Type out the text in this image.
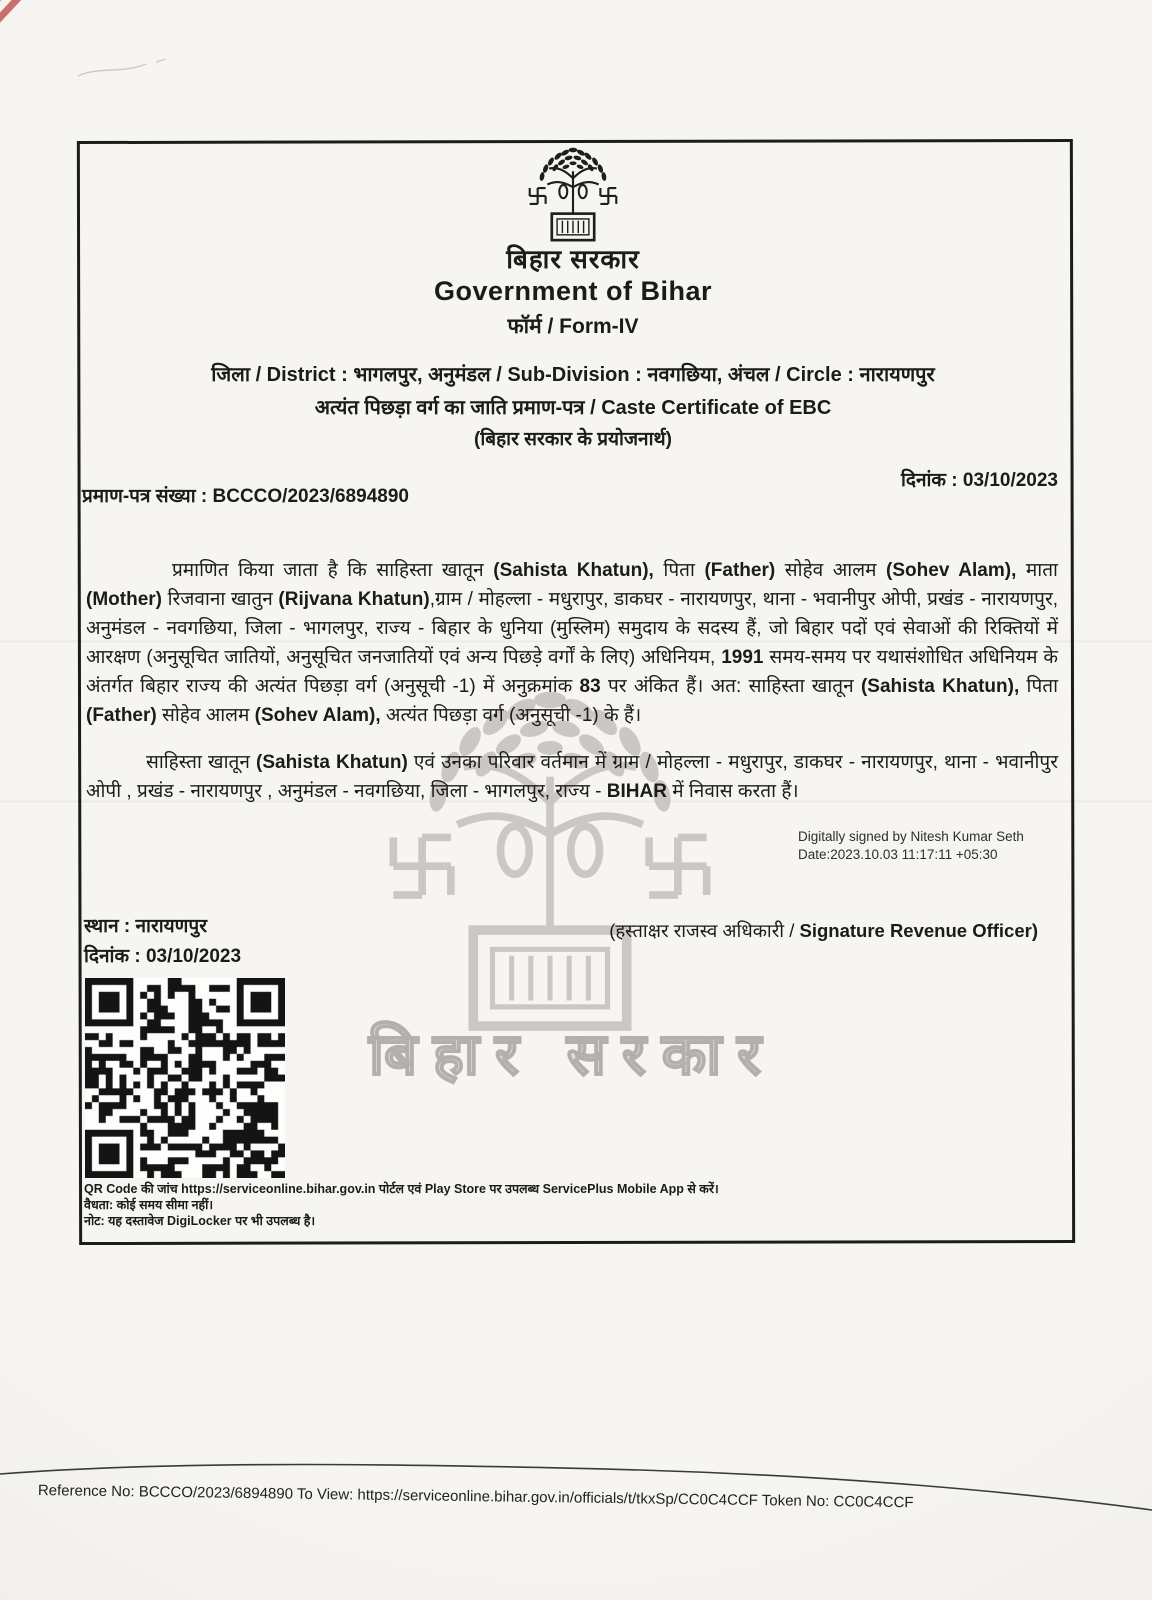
बिहार सरकार
बिहार सरकार
Government of Bihar
फॉर्म / Form-IV
जिला / District : भागलपुर, अनुमंडल / Sub-Division : नवगछिया, अंचल / Circle : नारायणपुर
अत्यंत पिछड़ा वर्ग का जाति प्रमाण-पत्र / Caste Certificate of EBC
(बिहार सरकार के प्रयोजनार्थ)
प्रमाण-पत्र संख्या : BCCCO/2023/6894890
दिनांक : 03/10/2023
प्रमाणित किया जाता है कि साहिस्ता खातून (Sahista Khatun), पिता (Father) सोहेव आलम (Sohev Alam), माता (Mother) रिजवाना खातुन (Rijvana Khatun),ग्राम / मोहल्ला - मधुरापुर, डाकघर - नारायणपुर, थाना - भवानीपुर ओपी, प्रखंड - नारायणपुर, अनुमंडल - नवगछिया, जिला - भागलपुर, राज्य - बिहार के धुनिया (मुस्लिम) समुदाय के सदस्य हैं, जो बिहार पदों एवं सेवाओं की रिक्तियों में आरक्षण (अनुसूचित जातियों, अनुसूचित जनजातियों एवं अन्य पिछड़े वर्गों के लिए) अधिनियम, 1991 समय-समय पर यथासंशोधित अधिनियम के अंतर्गत बिहार राज्य की अत्यंत पिछड़ा वर्ग (अनुसूची -1) में अनुक्रमांक 83 पर अंकित हैं। अत: साहिस्ता खातून (Sahista Khatun), पिता (Father) सोहेव आलम (Sohev Alam), अत्यंत पिछड़ा वर्ग (अनुसूची -1) के हैं।
साहिस्ता खातून (Sahista Khatun) एवं उनका परिवार वर्तमान में ग्राम / मोहल्ला - मधुरापुर, डाकघर - नारायणपुर, थाना - भवानीपुर ओपी , प्रखंड - नारायणपुर , अनुमंडल - नवगछिया, जिला - भागलपुर, राज्य - BIHAR में निवास करता हैं।
Digitally signed by Nitesh Kumar Seth
Date:2023.10.03 11:17:11 +05:30
स्थान : नारायणपुर
दिनांक : 03/10/2023
(हस्ताक्षर राजस्व अधिकारी / Signature Revenue Officer)
QR Code की जांच https://serviceonline.bihar.gov.in पोर्टल एवं Play Store पर उपलब्ध ServicePlus Mobile App से करें।
वैधता: कोई समय सीमा नहीं।
नोट: यह दस्तावेज DigiLocker पर भी उपलब्ध है।
Reference No: BCCCO/2023/6894890 To View: https://serviceonline.bihar.gov.in/officials/t/tkxSp/CC0C4CCF Token No: CC0C4CCF
